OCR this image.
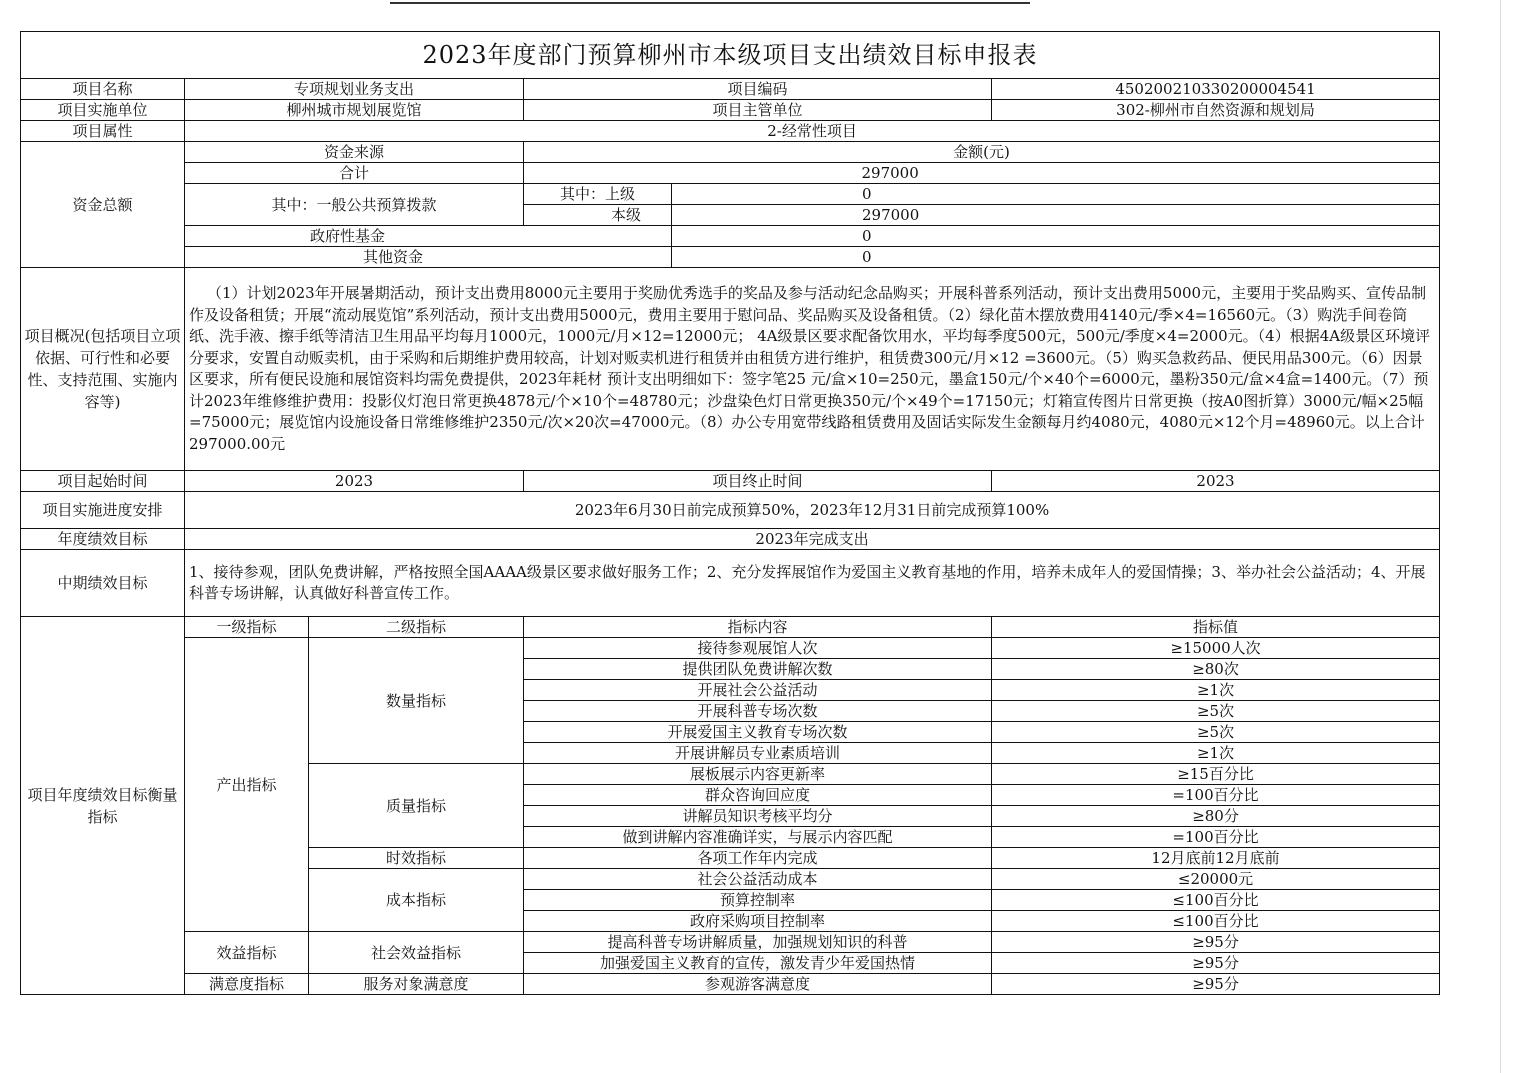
2023年度部门预算柳州市本级项目支出绩效目标申报表					
项目名称	专项规划业务支出		项目编码		450200210330200004541
项目实施单位	柳州城市规划展览馆		项目主管单位		302-柳州市自然资源和规划局
项目属性	2-经常性项目				
资金总额	资金来源		金额(元)		
	合计			297000	
	其中：一般公共预算拨款		其中：上级	0	
			本级	297000	
	政府性基金			0	
	其他资金			0	
项目概况(包括项目立项依据、可行性和必要性、支持范围、实施内容等)	（1）计划2023年开展暑期活动，预计支出费用8000元主要用于奖励优秀选手的奖品及参与活动纪念品购买；开展科普系列活动，预计支出费用5000元，主要用于奖品购买、宣传品制作及设备租赁；开展“流动展览馆”系列活动，预计支出费用5000元，费用主要用于慰问品、奖品购买及设备租赁。（2）绿化苗木摆放费用4140元/季×4=16560元。（3）购洗手间卷筒纸、洗手液、擦手纸等清洁卫生用品平均每月1000元，1000元/月×12=12000元； 4A级景区要求配备饮用水，平均每季度500元，500元/季度×4=2000元。（4）根据4A级景区环境评分要求，安置自动贩卖机，由于采购和后期维护费用较高，计划对贩卖机进行租赁并由租赁方进行维护，租赁费300元/月×12 =3600元。（5）购买急救药品、便民用品300元。（6）因景区要求，所有便民设施和展馆资料均需免费提供，2023年耗材 预计支出明细如下：签字笔25 元/盒×10=250元，墨盒150元/个×40个=6000元，墨粉350元/盒×4盒=1400元。（7）预计2023年维修维护费用：投影仪灯泡日常更换4878元/个×10个=48780元；沙盘染色灯日常更换350元/个×49个=17150元；灯箱宣传图片日常更换（按A0图折算）3000元/幅×25幅=75000元；展览馆内设施设备日常维修维护2350元/次×20次=47000元。（8）办公专用宽带线路租赁费用及固话实际发生金额每月约4080元，4080元×12个月=48960元。以上合计297000.00元				
项目起始时间	2023		项目终止时间		2023
项目实施进度安排	2023年6月30日前完成预算50%，2023年12月31日前完成预算100%				
年度绩效目标	2023年完成支出				
中期绩效目标	1、接待参观，团队免费讲解，严格按照全国AAAA级景区要求做好服务工作；2、充分发挥展馆作为爱国主义教育基地的作用，培养未成年人的爱国情操；3、举办社会公益活动；4、开展科普专场讲解，认真做好科普宣传工作。				
项目年度绩效目标衡量指标	一级指标	二级指标	指标内容		指标值
	产出指标	数量指标	接待参观展馆人次		≥15000人次
			提供团队免费讲解次数		≥80次
			开展社会公益活动		≥1次
			开展科普专场次数		≥5次
			开展爱国主义教育专场次数		≥5次
			开展讲解员专业素质培训		≥1次
		质量指标	展板展示内容更新率		≥15百分比
			群众咨询回应度		=100百分比
			讲解员知识考核平均分		≥80分
			做到讲解内容准确详实，与展示内容匹配		=100百分比
		时效指标	各项工作年内完成		12月底前12月底前
		成本指标	社会公益活动成本		≤20000元
			预算控制率		≤100百分比
			政府采购项目控制率		≤100百分比
	效益指标	社会效益指标	提高科普专场讲解质量，加强规划知识的科普		≥95分
			加强爱国主义教育的宣传，激发青少年爱国热情		≥95分
	满意度指标	服务对象满意度	参观游客满意度		≥95分
